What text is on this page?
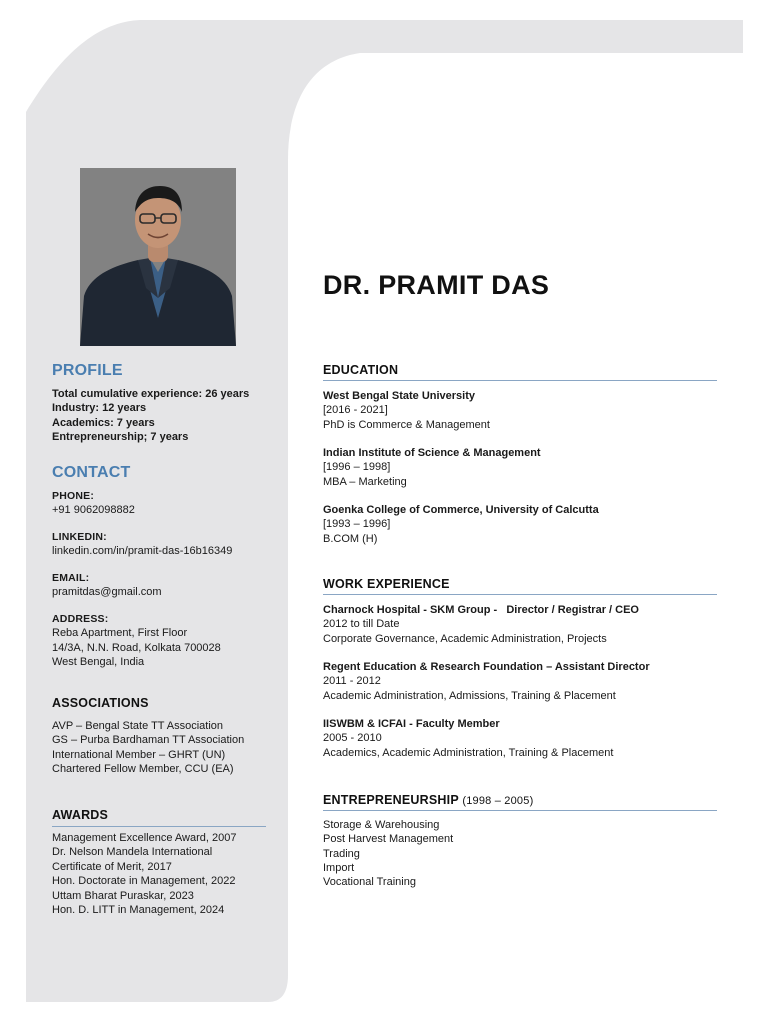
PROFILE
Total cumulative experience: 26 years
Industry: 12 years
Academics: 7 years
Entrepreneurship; 7 years
CONTACT
PHONE:
+91 9062098882
LINKEDIN:
linkedin.com/in/pramit-das-16b16349
EMAIL:
pramitdas@gmail.com
ADDRESS:
Reba Apartment, First Floor
14/3A, N.N. Road, Kolkata 700028
West Bengal, India
ASSOCIATIONS
AVP – Bengal State TT Association
GS – Purba Bardhaman TT Association
International Member – GHRT (UN)
Chartered Fellow Member, CCU (EA)
AWARDS
Management Excellence Award, 2007
Dr. Nelson Mandela International
Certificate of Merit, 2017
Hon. Doctorate in Management, 2022
Uttam Bharat Puraskar, 2023
Hon. D. LITT in Management, 2024
DR. PRAMIT DAS
EDUCATION
West Bengal State University
[2016 - 2021]
PhD is Commerce & Management
Indian Institute of Science & Management
[1996 – 1998]
MBA – Marketing
Goenka College of Commerce, University of Calcutta
[1993 – 1996]
B.COM (H)
WORK EXPERIENCE
Charnock Hospital - SKM Group -   Director / Registrar / CEO
2012 to till Date
Corporate Governance, Academic Administration, Projects
Regent Education & Research Foundation – Assistant Director
2011 - 2012
Academic Administration, Admissions, Training & Placement
IISWBM & ICFAI - Faculty Member
2005 - 2010
Academics, Academic Administration, Training & Placement
ENTREPRENEURSHIP (1998 – 2005)
Storage & Warehousing
Post Harvest Management
Trading
Import
Vocational Training
